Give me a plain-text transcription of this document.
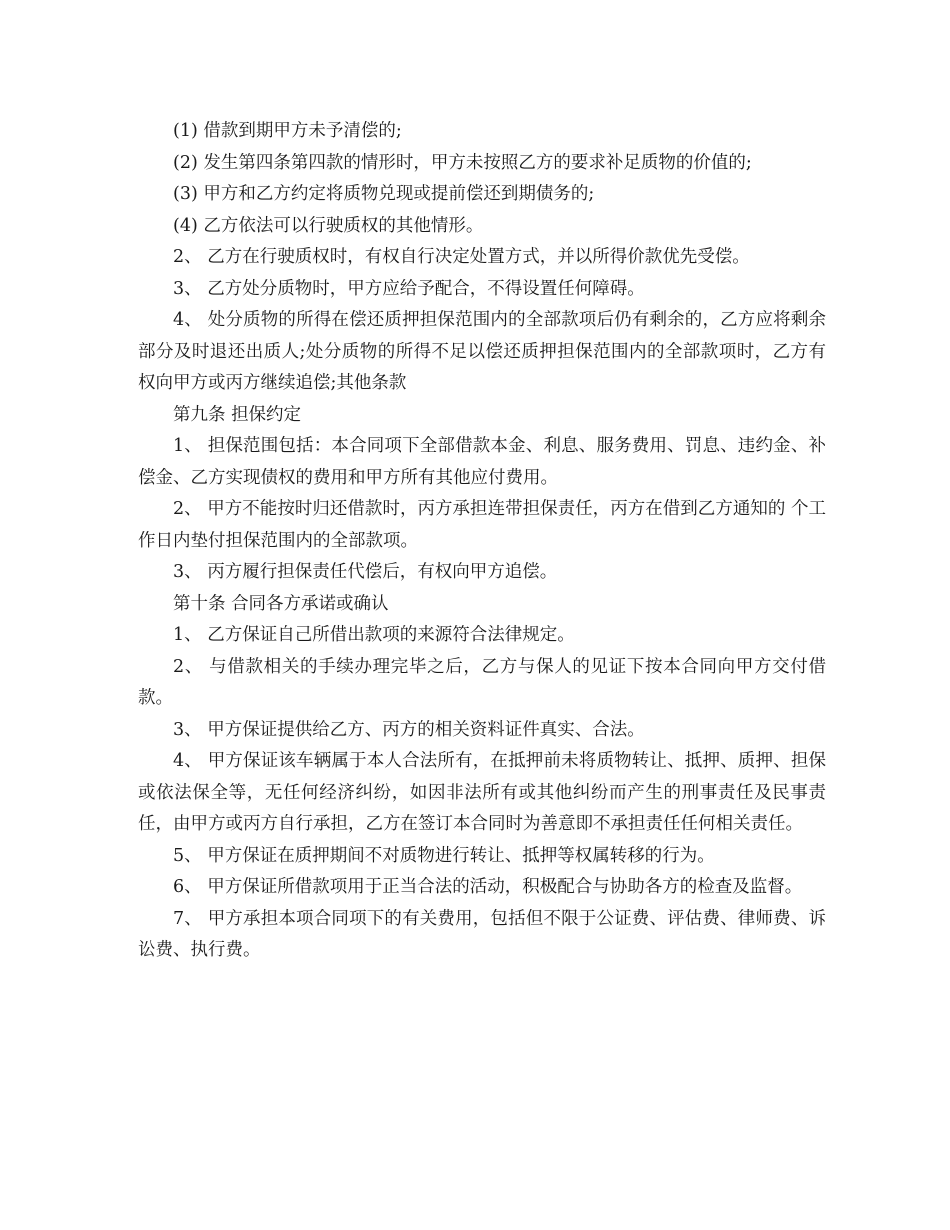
(1) 借款到期甲方未予清偿的;

(2) 发生第四条第四款的情形时，甲方未按照乙方的要求补足质物的价值的;

(3) 甲方和乙方约定将质物兑现或提前偿还到期债务的;

(4) 乙方依法可以行驶质权的其他情形。

2、 乙方在行驶质权时，有权自行决定处置方式，并以所得价款优先受偿。

3、 乙方处分质物时，甲方应给予配合，不得设置任何障碍。

4、 处分质物的所得在偿还质押担保范围内的全部款项后仍有剩余的，乙方应将剩余部分及时退还出质人;处分质物的所得不足以偿还质押担保范围内的全部款项时，乙方有权向甲方或丙方继续追偿;其他条款

第九条 担保约定

1、 担保范围包括：本合同项下全部借款本金、利息、服务费用、罚息、违约金、补偿金、乙方实现债权的费用和甲方所有其他应付费用。

2、 甲方不能按时归还借款时，丙方承担连带担保责任，丙方在借到乙方通知的 个工作日内垫付担保范围内的全部款项。

3、 丙方履行担保责任代偿后，有权向甲方追偿。

第十条 合同各方承诺或确认

1、 乙方保证自己所借出款项的来源符合法律规定。

2、 与借款相关的手续办理完毕之后，乙方与保人的见证下按本合同向甲方交付借款。

3、 甲方保证提供给乙方、丙方的相关资料证件真实、合法。

4、 甲方保证该车辆属于本人合法所有，在抵押前未将质物转让、抵押、质押、担保或依法保全等，无任何经济纠纷，如因非法所有或其他纠纷而产生的刑事责任及民事责任，由甲方或丙方自行承担，乙方在签订本合同时为善意即不承担责任任何相关责任。

5、 甲方保证在质押期间不对质物进行转让、抵押等权属转移的行为。

6、 甲方保证所借款项用于正当合法的活动，积极配合与协助各方的检查及监督。

7、 甲方承担本项合同项下的有关费用，包括但不限于公证费、评估费、律师费、诉讼费、执行费。
